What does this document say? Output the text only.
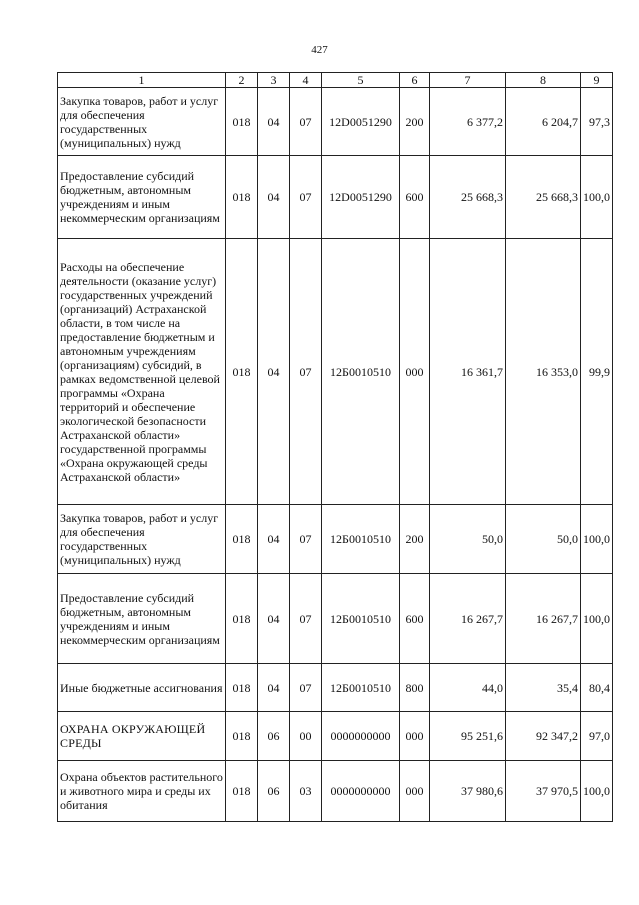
427
1	2	3	4	5	6	7	8	9
Закупка товаров, работ и услуг для обеспечения государственных (муниципальных) нужд	018	04	07	12D0051290	200	6 377,2	6 204,7	97,3
Предоставление субсидий бюджетным, автономным учреждениям и иным некоммерческим организациям	018	04	07	12D0051290	600	25 668,3	25 668,3	100,0
Расходы на обеспечение деятельности (оказание услуг) государственных учреждений (организаций) Астраханской области, в том числе на предоставление бюджетным и автономным учреждениям (организациям) субсидий, в рамках ведомственной целевой программы «Охрана территорий и обеспечение экологической безопасности Астраханской области» государственной программы «Охрана окружающей среды Астраханской области»	018	04	07	12Б0010510	000	16 361,7	16 353,0	99,9
Закупка товаров, работ и услуг для обеспечения государственных (муниципальных) нужд	018	04	07	12Б0010510	200	50,0	50,0	100,0
Предоставление субсидий бюджетным, автономным учреждениям и иным некоммерческим организациям	018	04	07	12Б0010510	600	16 267,7	16 267,7	100,0
Иные бюджетные ассигнования	018	04	07	12Б0010510	800	44,0	35,4	80,4
ОХРАНА ОКРУЖАЮЩЕЙ СРЕДЫ	018	06	00	0000000000	000	95 251,6	92 347,2	97,0
Охрана объектов растительного и животного мира и среды их обитания	018	06	03	0000000000	000	37 980,6	37 970,5	100,0
